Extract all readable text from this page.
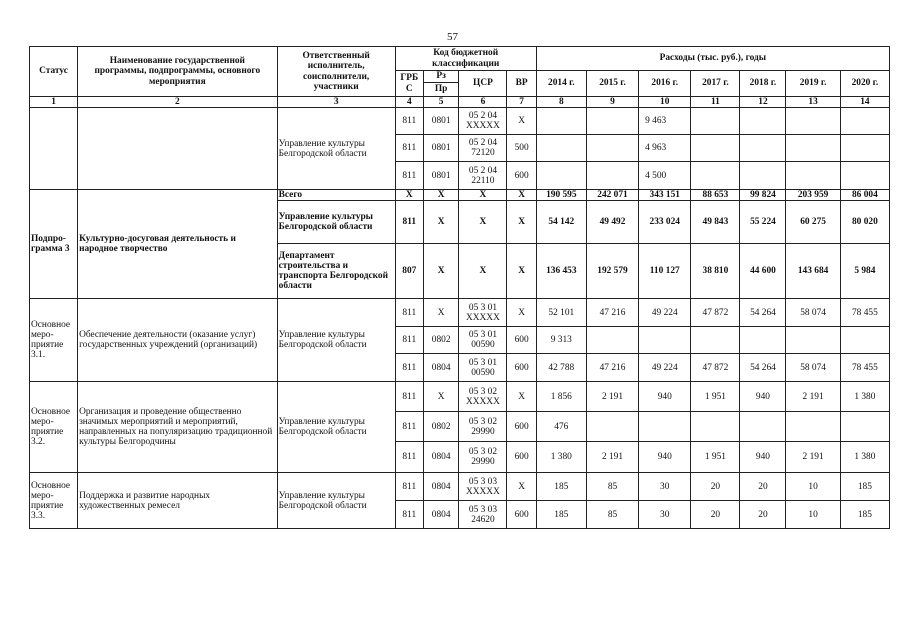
57
Статус	Наименование государственной программы, подпрограммы, основного мероприятия	Ответственный исполнитель, соисполнители, участники	Код бюджетной классификации				Расходы (тыс. руб.), годы						
			ГРБ С	Рз	ЦСР	ВР	2014 г.	2015 г.	2016 г.	2017 г.	2018 г.	2019 г.	2020 г.
				Пр									
1	2	3	4	5	6	7	8	9	10	11	12	13	14
		Управление культуры Белгородской области	811	0801	05 2 04 XXXXX	X			9 463				
			811	0801	05 2 04 72120	500			4 963				
			811	0801	05 2 04 22110	600			4 500				
Подпро- грамма 3	Культурно-досуговая деятельность и народное творчество	Всего	X	X	X	X	190 595	242 071	343 151	88 653	99 824	203 959	86 004
		Управление культуры Белгородской области	811	X	X	X	54 142	49 492	233 024	49 843	55 224	60 275	80 020
		Департамент строительства и транспорта Белгородской области	807	X	X	X	136 453	192 579	110 127	38 810	44 600	143 684	5 984
Основное меро- приятие 3.1.	Обеспечение деятельности (оказание услуг) государственных учреждений (организаций)	Управление культуры Белгородской области	811	X	05 3 01 XXXXX	X	52 101	47 216	49 224	47 872	54 264	58 074	78 455
			811	0802	05 3 01 00590	600	9 313						
			811	0804	05 3 01 00590	600	42 788	47 216	49 224	47 872	54 264	58 074	78 455
Основное меро- приятие 3.2.	Организация и проведение общественно значимых мероприятий и мероприятий, направленных на популяризацию традиционной культуры Белгородчины	Управление культуры Белгородской области	811	X	05 3 02 XXXXX	X	1 856	2 191	940	1 951	940	2 191	1 380
			811	0802	05 3 02 29990	600	476						
			811	0804	05 3 02 29990	600	1 380	2 191	940	1 951	940	2 191	1 380
Основное меро- приятие 3.3.	Поддержка и развитие народных художественных ремесел	Управление культуры Белгородской области	811	0804	05 3 03 XXXXX	X	185	85	30	20	20	10	185
			811	0804	05 3 03 24620	600	185	85	30	20	20	10	185
